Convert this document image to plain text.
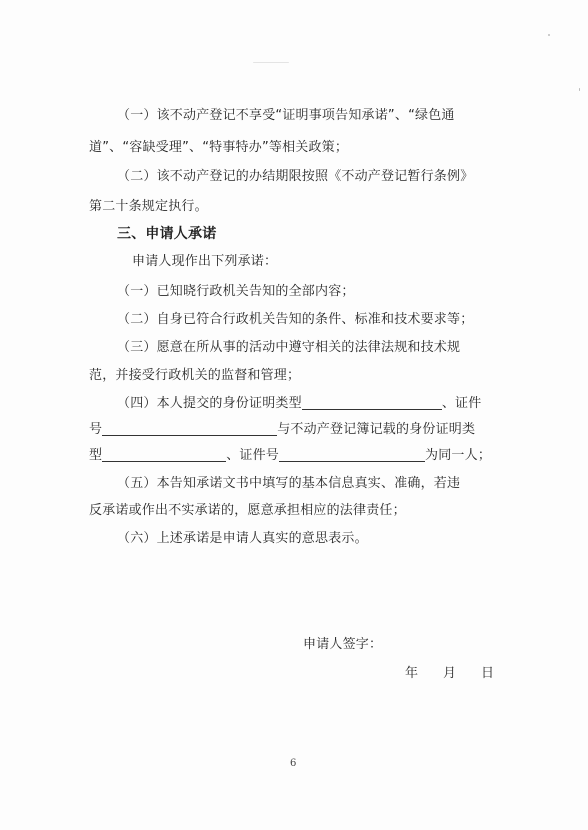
（一）该不动产登记不享受“证明事项告知承诺”、“绿色通
道”、“容缺受理”、“特事特办”等相关政策；
（二）该不动产登记的办结期限按照《不动产登记暂行条例》
第二十条规定执行。
三、申请人承诺
申请人现作出下列承诺：
（一）已知晓行政机关告知的全部内容；
（二）自身已符合行政机关告知的条件、标准和技术要求等；
（三）愿意在所从事的活动中遵守相关的法律法规和技术规
范，并接受行政机关的监督和管理；
（四）本人提交的身份证明类型	、证件
号	与不动产登记簿记载的身份证明类
型	、证件号	为同一人；
（五）本告知承诺文书中填写的基本信息真实、准确，若违
反承诺或作出不实承诺的，愿意承担相应的法律责任；
（六）上述承诺是申请人真实的意思表示。
申请人签字：
年　月　日
6
